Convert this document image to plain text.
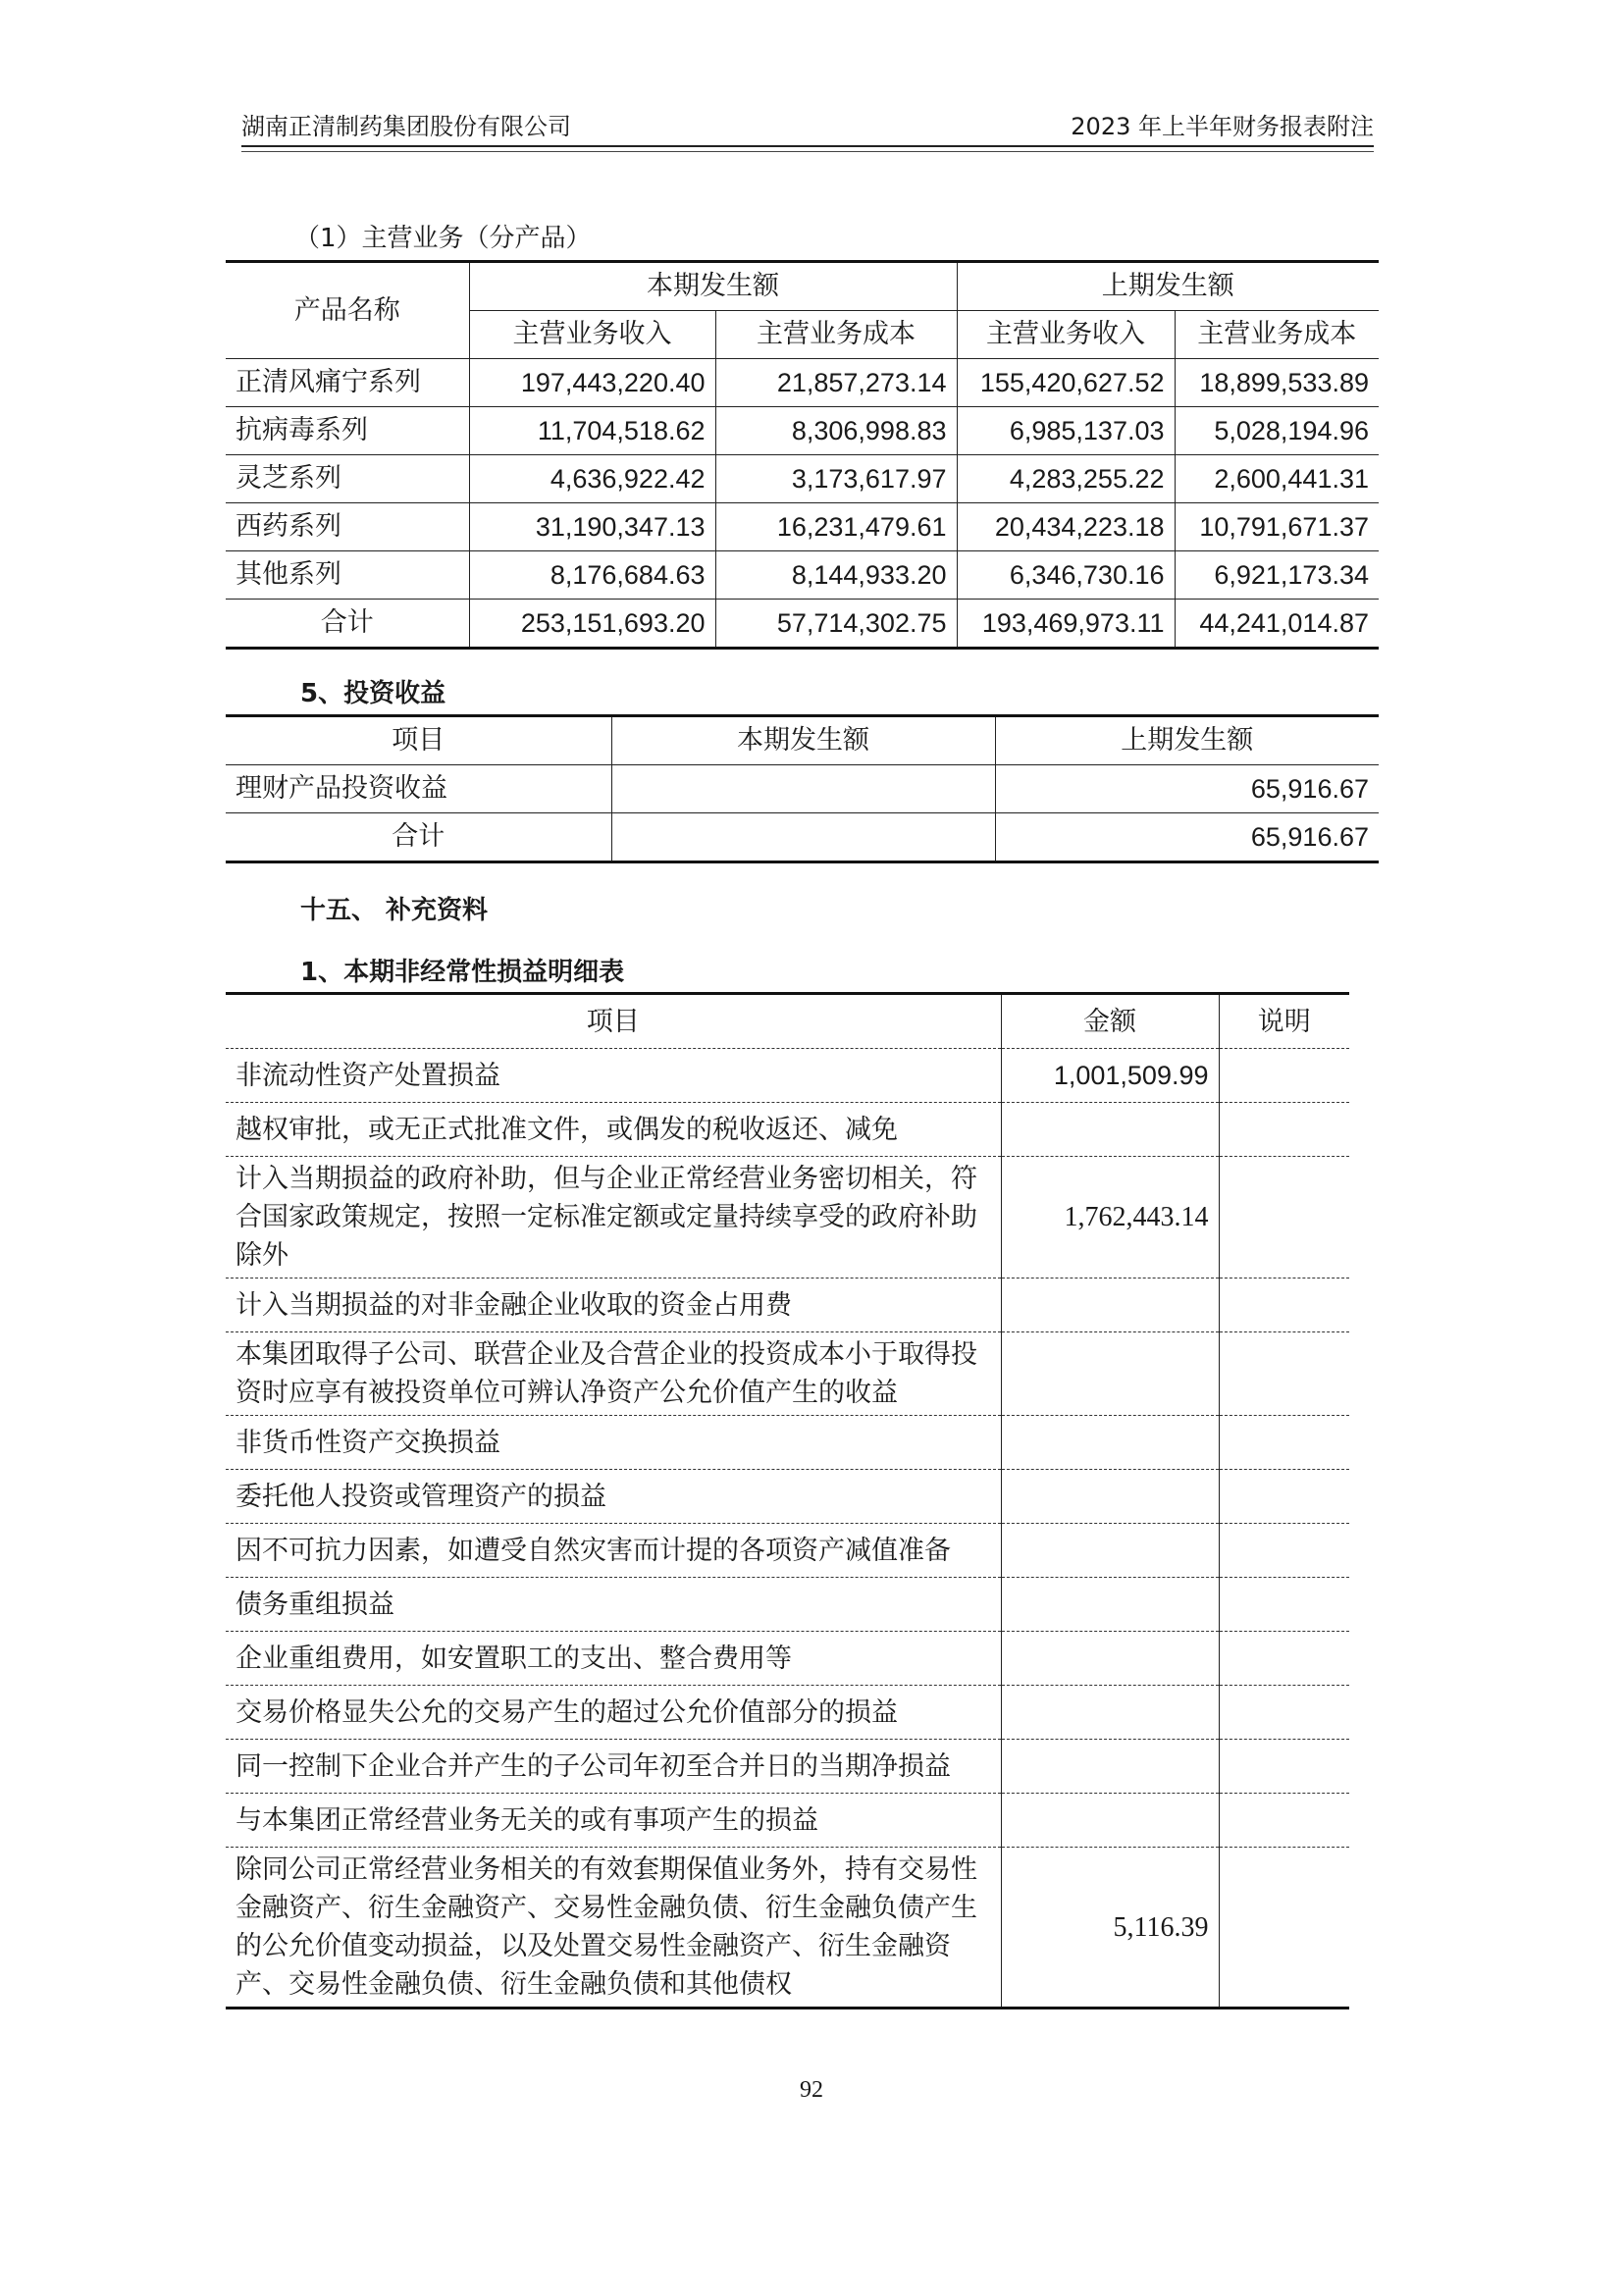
湖南正清制药集团股份有限公司	2023 年上半年财务报表附注
（1）主营业务（分产品）
产品名称	本期发生额		上期发生额	
	主营业务收入	主营业务成本	主营业务收入	主营业务成本
正清风痛宁系列	197,443,220.40	21,857,273.14	155,420,627.52	18,899,533.89
抗病毒系列	11,704,518.62	8,306,998.83	6,985,137.03	5,028,194.96
灵芝系列	4,636,922.42	3,173,617.97	4,283,255.22	2,600,441.31
西药系列	31,190,347.13	16,231,479.61	20,434,223.18	10,791,671.37
其他系列	8,176,684.63	8,144,933.20	6,346,730.16	6,921,173.34
合计	253,151,693.20	57,714,302.75	193,469,973.11	44,241,014.87
5、投资收益
项目	本期发生额	上期发生额
理财产品投资收益		65,916.67
合计		65,916.67
十五、 补充资料
1、本期非经常性损益明细表
项目	金额	说明
非流动性资产处置损益	1,001,509.99	
越权审批，或无正式批准文件，或偶发的税收返还、减免		
计入当期损益的政府补助，但与企业正常经营业务密切相关，符合国家政策规定，按照一定标准定额或定量持续享受的政府补助除外	1,762,443.14	
计入当期损益的对非金融企业收取的资金占用费		
本集团取得子公司、联营企业及合营企业的投资成本小于取得投资时应享有被投资单位可辨认净资产公允价值产生的收益		
非货币性资产交换损益		
委托他人投资或管理资产的损益		
因不可抗力因素，如遭受自然灾害而计提的各项资产减值准备		
债务重组损益		
企业重组费用，如安置职工的支出、整合费用等		
交易价格显失公允的交易产生的超过公允价值部分的损益		
同一控制下企业合并产生的子公司年初至合并日的当期净损益		
与本集团正常经营业务无关的或有事项产生的损益		
除同公司正常经营业务相关的有效套期保值业务外，持有交易性金融资产、衍生金融资产、交易性金融负债、衍生金融负债产生的公允价值变动损益，以及处置交易性金融资产、衍生金融资产、交易性金融负债、衍生金融负债和其他债权	5,116.39	
92
